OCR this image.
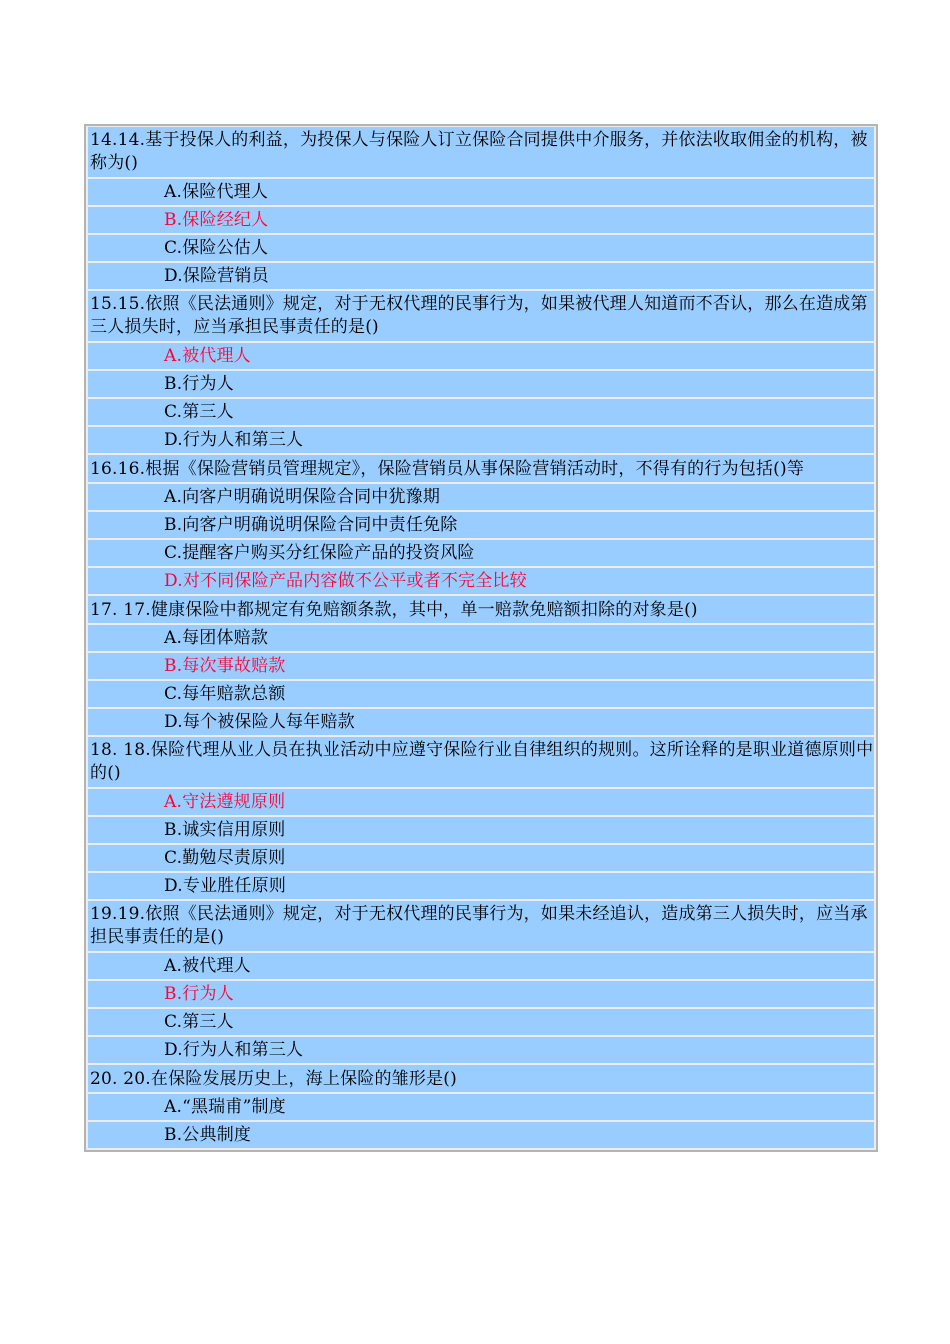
14.14.基于投保人的利益，为投保人与保险人订立保险合同提供中介服务，并依法收取佣金的机构，被称为()
A.保险代理人
B.保险经纪人
C.保险公估人
D.保险营销员
15.15.依照《民法通则》规定，对于无权代理的民事行为，如果被代理人知道而不否认，那么在造成第三人损失时，应当承担民事责任的是()
A.被代理人
B.行为人
C.第三人
D.行为人和第三人
16.16.根据《保险营销员管理规定》，保险营销员从事保险营销活动时，不得有的行为包括()等
A.向客户明确说明保险合同中犹豫期
B.向客户明确说明保险合同中责任免除
C.提醒客户购买分红保险产品的投资风险
D.对不同保险产品内容做不公平或者不完全比较
17. 17.健康保险中都规定有免赔额条款，其中，单一赔款免赔额扣除的对象是()
A.每团体赔款
B.每次事故赔款
C.每年赔款总额
D.每个被保险人每年赔款
18. 18.保险代理从业人员在执业活动中应遵守保险行业自律组织的规则。这所诠释的是职业道德原则中的()
A.守法遵规原则
B.诚实信用原则
C.勤勉尽责原则
D.专业胜任原则
19.19.依照《民法通则》规定，对于无权代理的民事行为，如果未经追认，造成第三人损失时，应当承担民事责任的是()
A.被代理人
B.行为人
C.第三人
D.行为人和第三人
20. 20.在保险发展历史上，海上保险的雏形是()
A.“黑瑞甫”制度
B.公典制度
